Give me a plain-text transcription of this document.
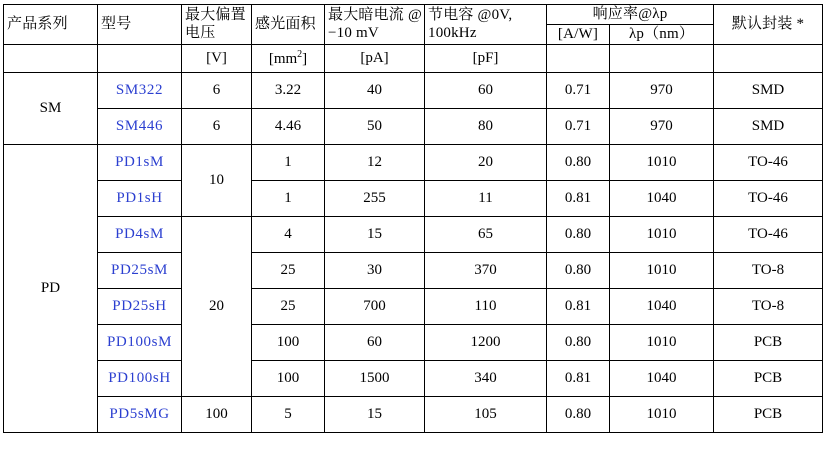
产品系列	型号	最大偏置电压	感光面积	最大暗电流 @ −10 mV	节电容 @0V, 100kHz	响应率@λp		默认封装 *

						[A/W]	λp（nm）	
		[V]	$[mm^2]$	[pA]	[pF]			
SM	SM322	6	3.22	40	60	0.71	970	SMD
	SM446	6	4.46	50	80	0.71	970	SMD
PD	PD1sM	10	1	12	20	0.80	1010	TO-46
	PD1sH		1	255	11	0.81	1040	TO-46
	PD4sM	20	4	15	65	0.80	1010	TO-46
	PD25sM		25	30	370	0.80	1010	TO-8
	PD25sH		25	700	110	0.81	1040	TO-8
	PD100sM		100	60	1200	0.80	1010	PCB
	PD100sH		100	1500	340	0.81	1040	PCB
	PD5sMG	100	5	15	105	0.80	1010	PCB
